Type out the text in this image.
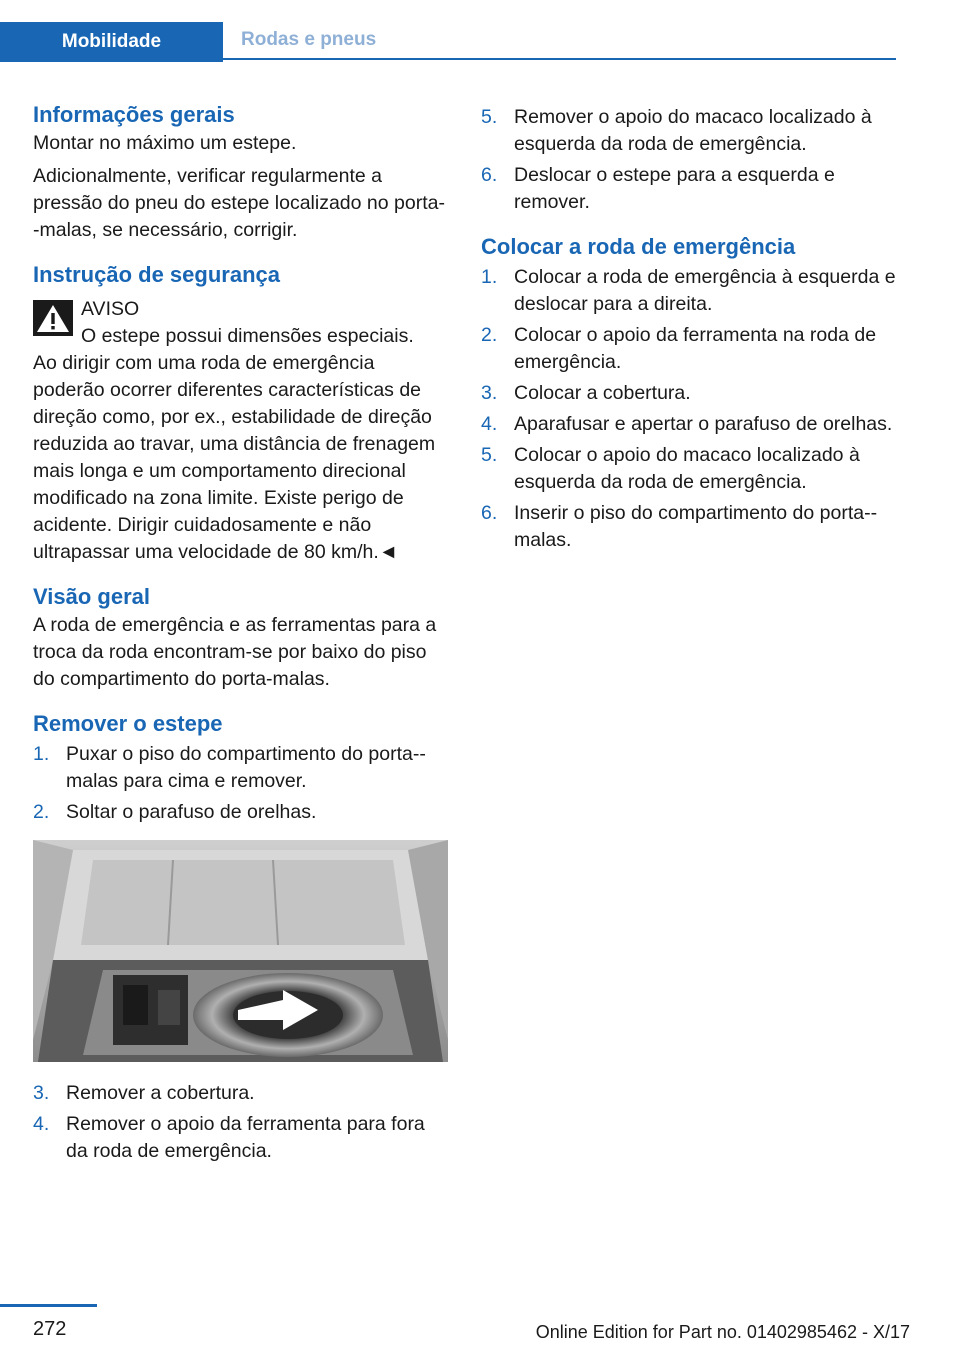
Mobilidade	Rodas e pneus
Informações gerais

Montar no máximo um estepe.

Adicionalmente, verificar regularmente a pressão do pneu do estepe localizado no porta--malas, se necessário, corrigir.

Instrução de segurança

AVISO

O estepe possui dimensões especiais.

Ao dirigir com uma roda de emergência poderão ocorrer diferentes características de direção como, por ex., estabilidade de direção reduzida ao travar, uma distância de frenagem mais longa e um comportamento direcional modificado na zona limite. Existe perigo de acidente. Dirigir cuidadosamente e não ultrapassar uma velocidade de 80 km/h.◄

Visão geral

A roda de emergência e as ferramentas para a troca da roda encontram-se por baixo do piso do compartimento do porta-malas.

Remover o estepe
1. Puxar o piso do compartimento do porta--malas para cima e remover.
2. Soltar o parafuso de orelhas.
3. Remover a cobertura.
4. Remover o apoio da ferramenta para fora da roda de emergência.
5. Remover o apoio do macaco localizado à esquerda da roda de emergência.
6. Deslocar o estepe para a esquerda e remover.
Colocar a roda de emergência
1. Colocar a roda de emergência à esquerda e deslocar para a direita.
2. Colocar o apoio da ferramenta na roda de emergência.
3. Colocar a cobertura.
4. Aparafusar e apertar o parafuso de orelhas.
5. Colocar o apoio do macaco localizado à esquerda da roda de emergência.
6. Inserir o piso do compartimento do porta--malas.
272	Online Edition for Part no. 01402985462 - X/17
